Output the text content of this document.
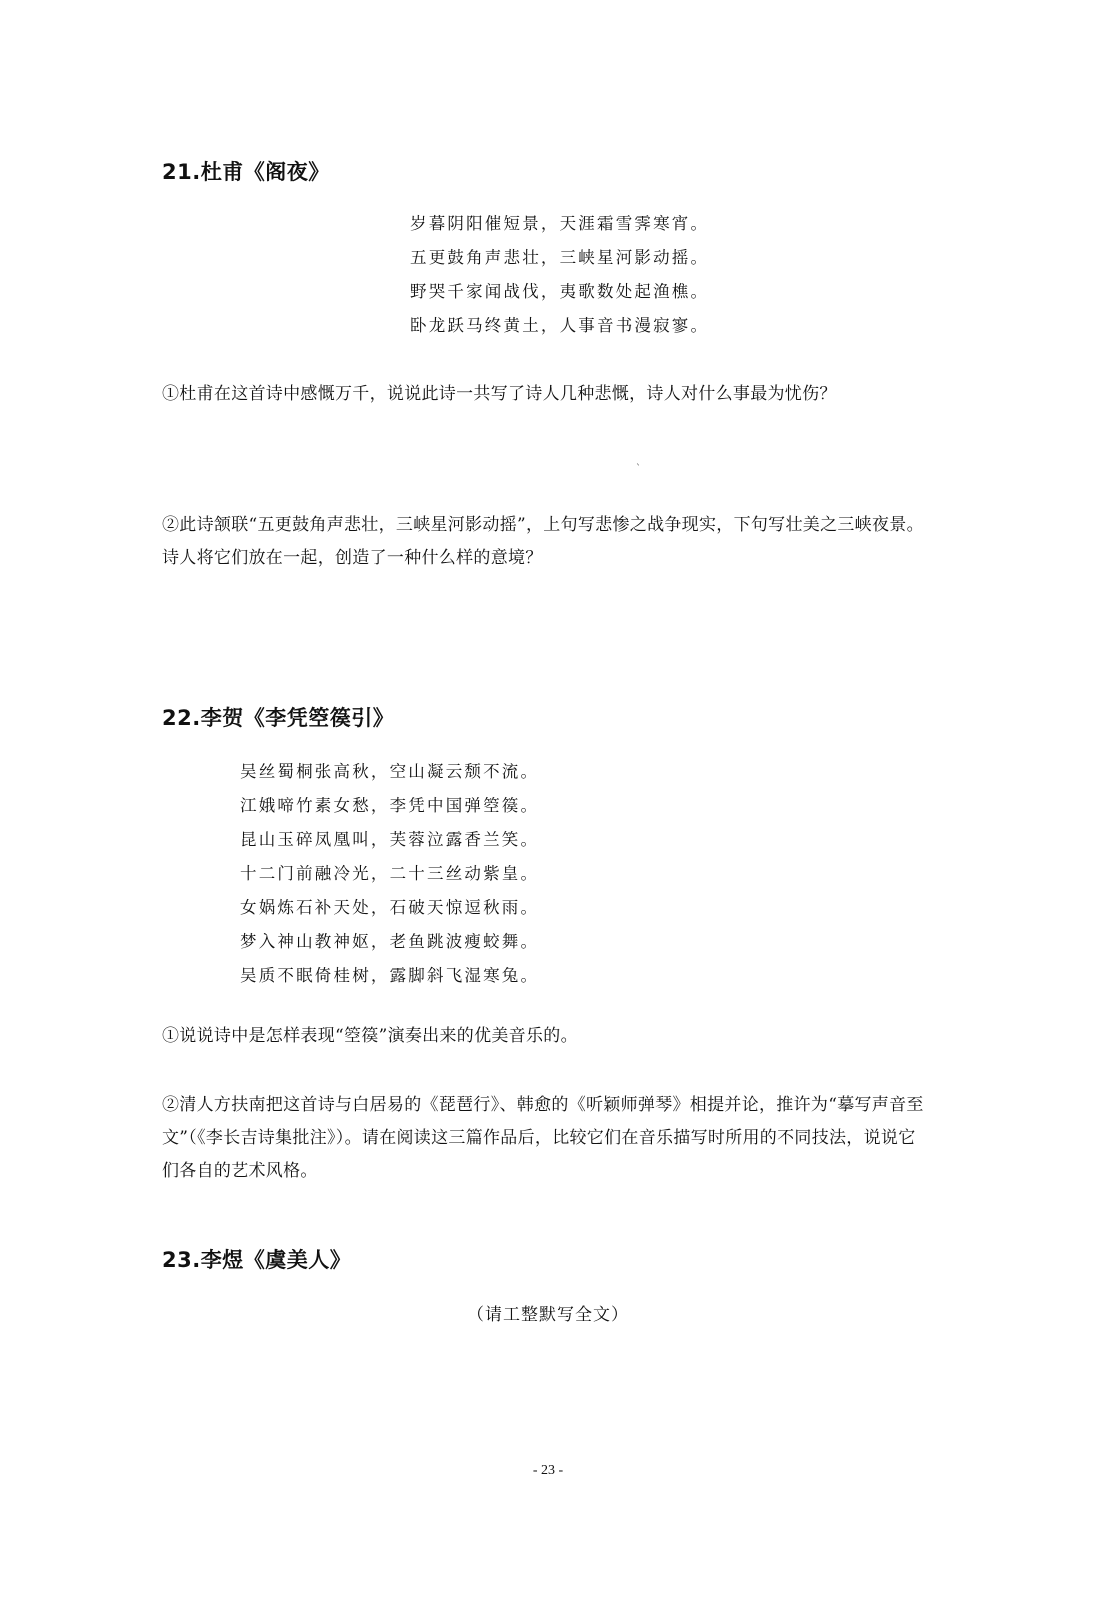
21.杜甫《阁夜》
岁暮阴阳催短景，天涯霜雪霁寒宵。
五更鼓角声悲壮，三峡星河影动摇。
野哭千家闻战伐，夷歌数处起渔樵。
卧龙跃马终黄土，人事音书漫寂寥。
①杜甫在这首诗中感慨万千，说说此诗一共写了诗人几种悲慨，诗人对什么事最为忧伤？
`
②此诗颔联“五更鼓角声悲壮，三峡星河影动摇”，上句写悲惨之战争现实，下句写壮美之三峡夜景。诗人将它们放在一起，创造了一种什么样的意境？
22.李贺《李凭箜篌引》
吴丝蜀桐张高秋，空山凝云颓不流。
江娥啼竹素女愁，李凭中国弹箜篌。
昆山玉碎凤凰叫，芙蓉泣露香兰笑。
十二门前融冷光，二十三丝动紫皇。
女娲炼石补天处，石破天惊逗秋雨。
梦入神山教神妪，老鱼跳波瘦蛟舞。
吴质不眠倚桂树，露脚斜飞湿寒兔。
①说说诗中是怎样表现“箜篌”演奏出来的优美音乐的。
②清人方扶南把这首诗与白居易的《琵琶行》、韩愈的《听颖师弹琴》相提并论，推许为“摹写声音至文”（《李长吉诗集批注》）。请在阅读这三篇作品后，比较它们在音乐描写时所用的不同技法，说说它们各自的艺术风格。
23.李煜《虞美人》
（请工整默写全文）
- 23 -
